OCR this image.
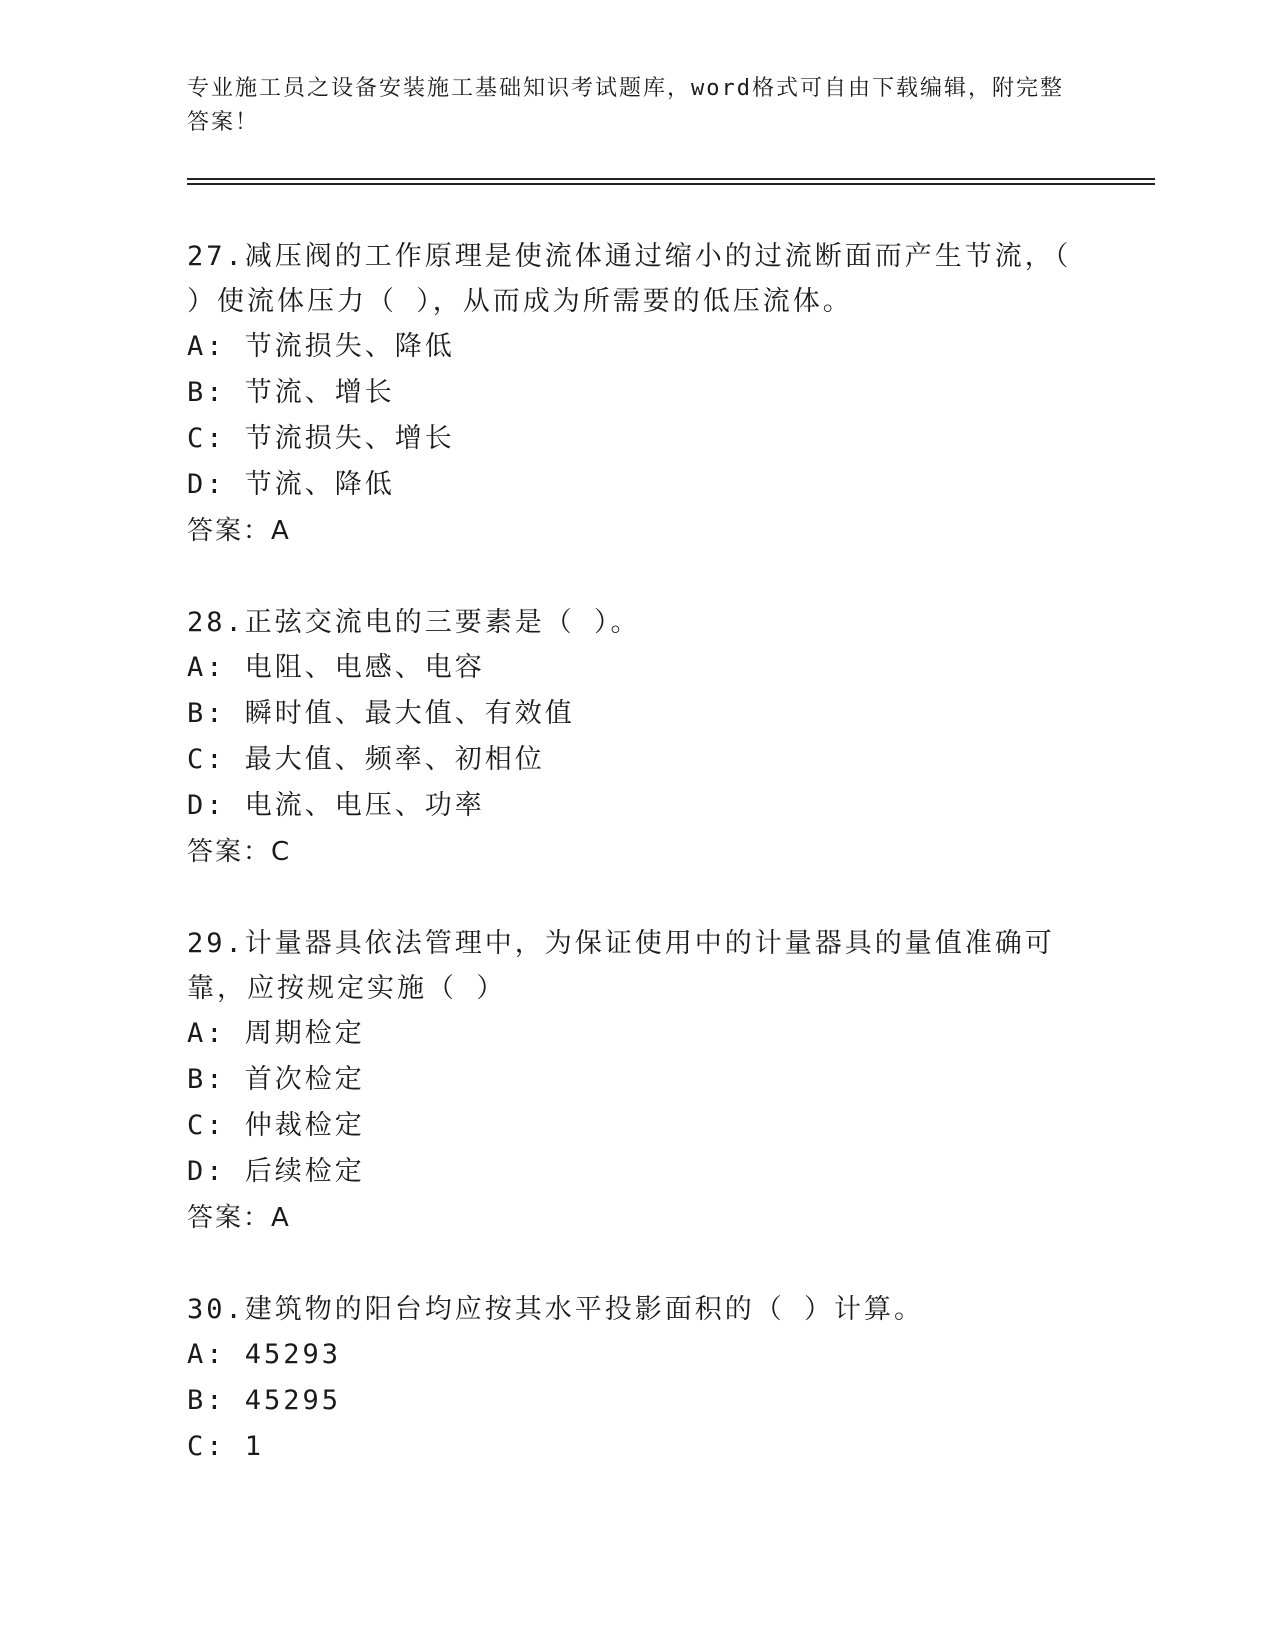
专业施工员之设备安装施工基础知识考试题库，word格式可自由下载编辑，附完整答案！
27.减压阀的工作原理是使流体通过缩小的过流断面而产生节流，（ ）使流体压力（ ），从而成为所需要的低压流体。
A: 节流损失、降低
B: 节流、增长
C: 节流损失、增长
D: 节流、降低
答案：A
28.正弦交流电的三要素是（ ）。
A: 电阻、电感、电容
B: 瞬时值、最大值、有效值
C: 最大值、频率、初相位
D: 电流、电压、功率
答案：C
29.计量器具依法管理中，为保证使用中的计量器具的量值准确可靠，应按规定实施（ ）
A: 周期检定
B: 首次检定
C: 仲裁检定
D: 后续检定
答案：A
30.建筑物的阳台均应按其水平投影面积的（ ）计算。
A: 45293
B: 45295
C: 1
